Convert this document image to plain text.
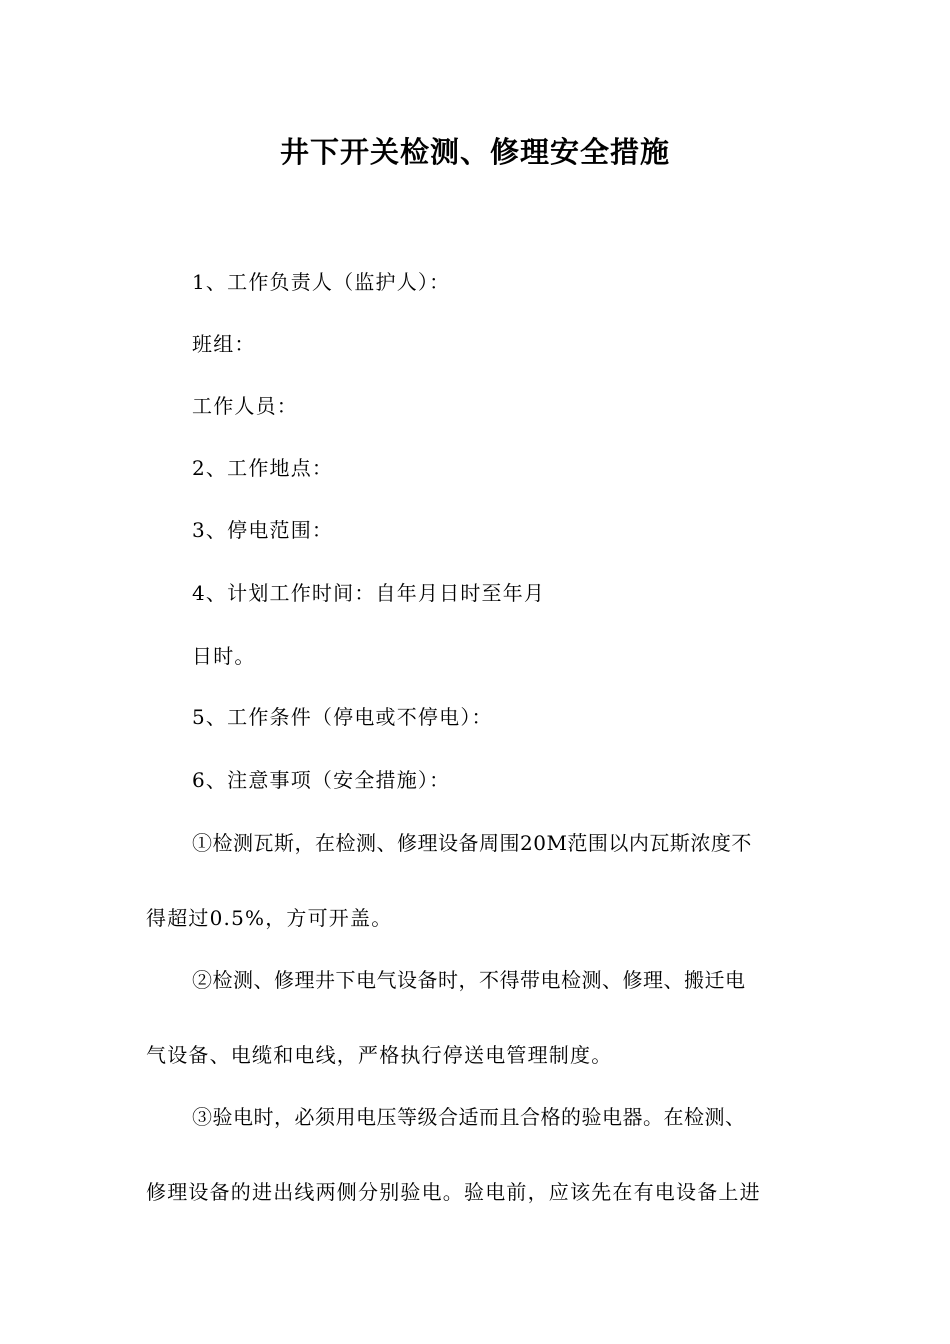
井下开关检测、修理安全措施
1、工作负责人（监护人）：
班组：
工作人员：
2、工作地点：
3、停电范围：
4、计划工作时间：自年月日时至年月
日时。
5、工作条件（停电或不停电）：
6、注意事项（安全措施）：
①检测瓦斯，在检测、修理设备周围20M范围以内瓦斯浓度不
得超过0.5%，方可开盖。
②检测、修理井下电气设备时，不得带电检测、修理、搬迁电
气设备、电缆和电线，严格执行停送电管理制度。
③验电时，必须用电压等级合适而且合格的验电器。在检测、
修理设备的进出线两侧分别验电。验电前，应该先在有电设备上进
